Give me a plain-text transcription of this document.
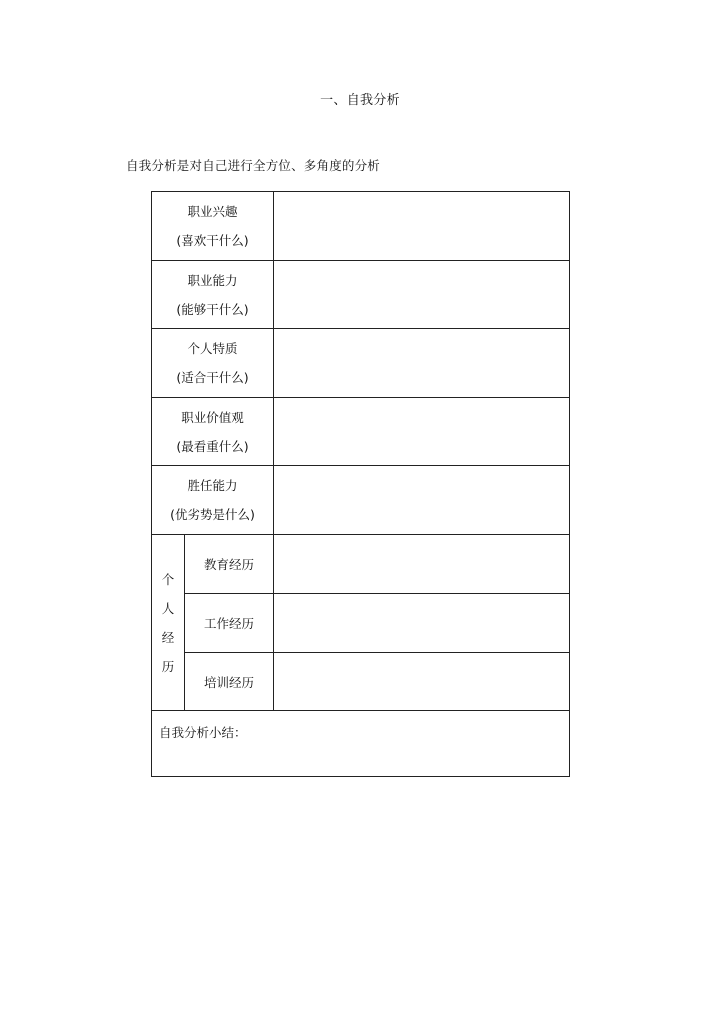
一、自我分析
自我分析是对自己进行全方位、多角度的分析
职业兴趣
(喜欢干什么)		

职业能力
(能够干什么)		

个人特质
(适合干什么)		

职业价值观
(最看重什么)		

胜任能力
(优劣势是什么)		

个人经历	教育经历	
	工作经历	
	培训经历	
自我分析小结：		
